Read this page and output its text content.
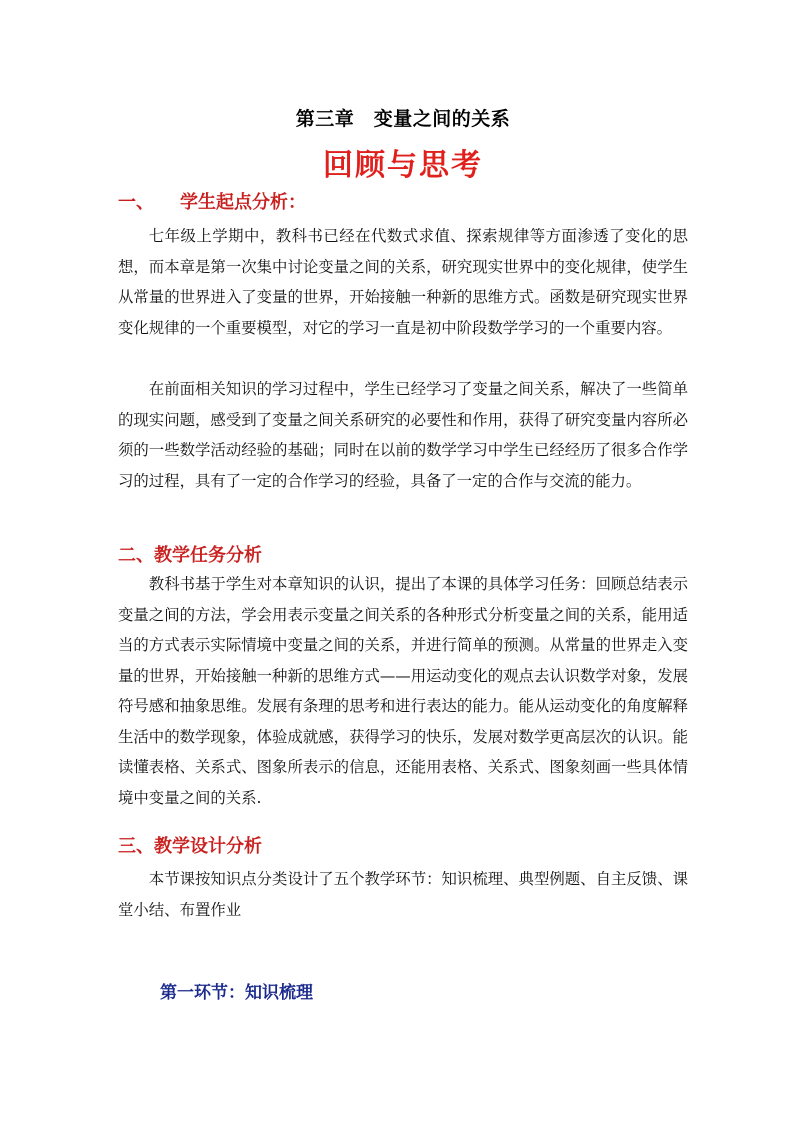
第三章　变量之间的关系
回顾与思考
一、 学生起点分析：

七年级上学期中，教科书已经在代数式求值、探索规律等方面渗透了变化的思想，而本章是第一次集中讨论变量之间的关系，研究现实世界中的变化规律，使学生从常量的世界进入了变量的世界，开始接触一种新的思维方式。函数是研究现实世界变化规律的一个重要模型，对它的学习一直是初中阶段数学学习的一个重要内容。

在前面相关知识的学习过程中，学生已经学习了变量之间关系，解决了一些简单的现实问题，感受到了变量之间关系研究的必要性和作用，获得了研究变量内容所必须的一些数学活动经验的基础；同时在以前的数学学习中学生已经经历了很多合作学习的过程，具有了一定的合作学习的经验，具备了一定的合作与交流的能力。

二、教学任务分析

教科书基于学生对本章知识的认识，提出了本课的具体学习任务：回顾总结表示变量之间的方法，学会用表示变量之间关系的各种形式分析变量之间的关系，能用适当的方式表示实际情境中变量之间的关系，并进行简单的预测。从常量的世界走入变量的世界，开始接触一种新的思维方式——用运动变化的观点去认识数学对象，发展符号感和抽象思维。发展有条理的思考和进行表达的能力。能从运动变化的角度解释生活中的数学现象，体验成就感，获得学习的快乐，发展对数学更高层次的认识。能读懂表格、关系式、图象所表示的信息，还能用表格、关系式、图象刻画一些具体情境中变量之间的关系.

三、教学设计分析

本节课按知识点分类设计了五个教学环节：知识梳理、典型例题、自主反馈、课堂小结、布置作业

第一环节：知识梳理
